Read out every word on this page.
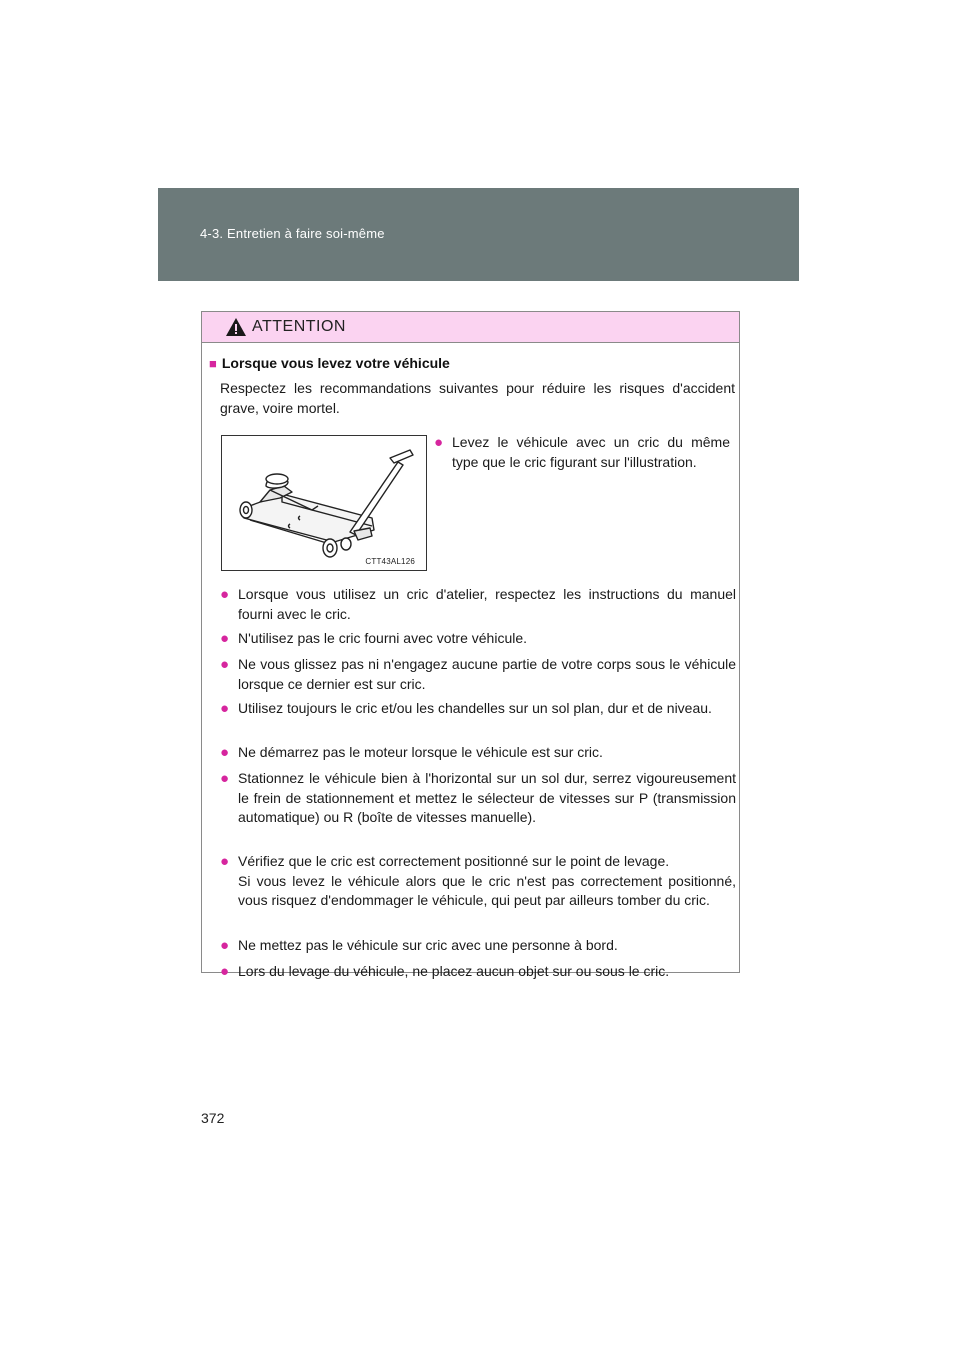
4-3. Entretien à faire soi-même
ATTENTION
■ Lorsque vous levez votre véhicule
Respectez les recommandations suivantes pour réduire les risques d'accident grave, voire mortel.
CTT43AL126
● Levez le véhicule avec un cric du même type que le cric figurant sur l'illustration.
● Lorsque vous utilisez un cric d'atelier, respectez les instructions du manuel fourni avec le cric.
● N'utilisez pas le cric fourni avec votre véhicule.
● Ne vous glissez pas ni n'engagez aucune partie de votre corps sous le véhicule lorsque ce dernier est sur cric.
● Utilisez toujours le cric et/ou les chandelles sur un sol plan, dur et de niveau.
● Ne démarrez pas le moteur lorsque le véhicule est sur cric.
● Stationnez le véhicule bien à l'horizontal sur un sol dur, serrez vigoureusement le frein de stationnement et mettez le sélecteur de vitesses sur P (transmission automatique) ou R (boîte de vitesses manuelle).
● Vérifiez que le cric est correctement positionné sur le point de levage.
Si vous levez le véhicule alors que le cric n'est pas correctement positionné, vous risquez d'endommager le véhicule, qui peut par ailleurs tomber du cric.
● Ne mettez pas le véhicule sur cric avec une personne à bord.
● Lors du levage du véhicule, ne placez aucun objet sur ou sous le cric.
372
